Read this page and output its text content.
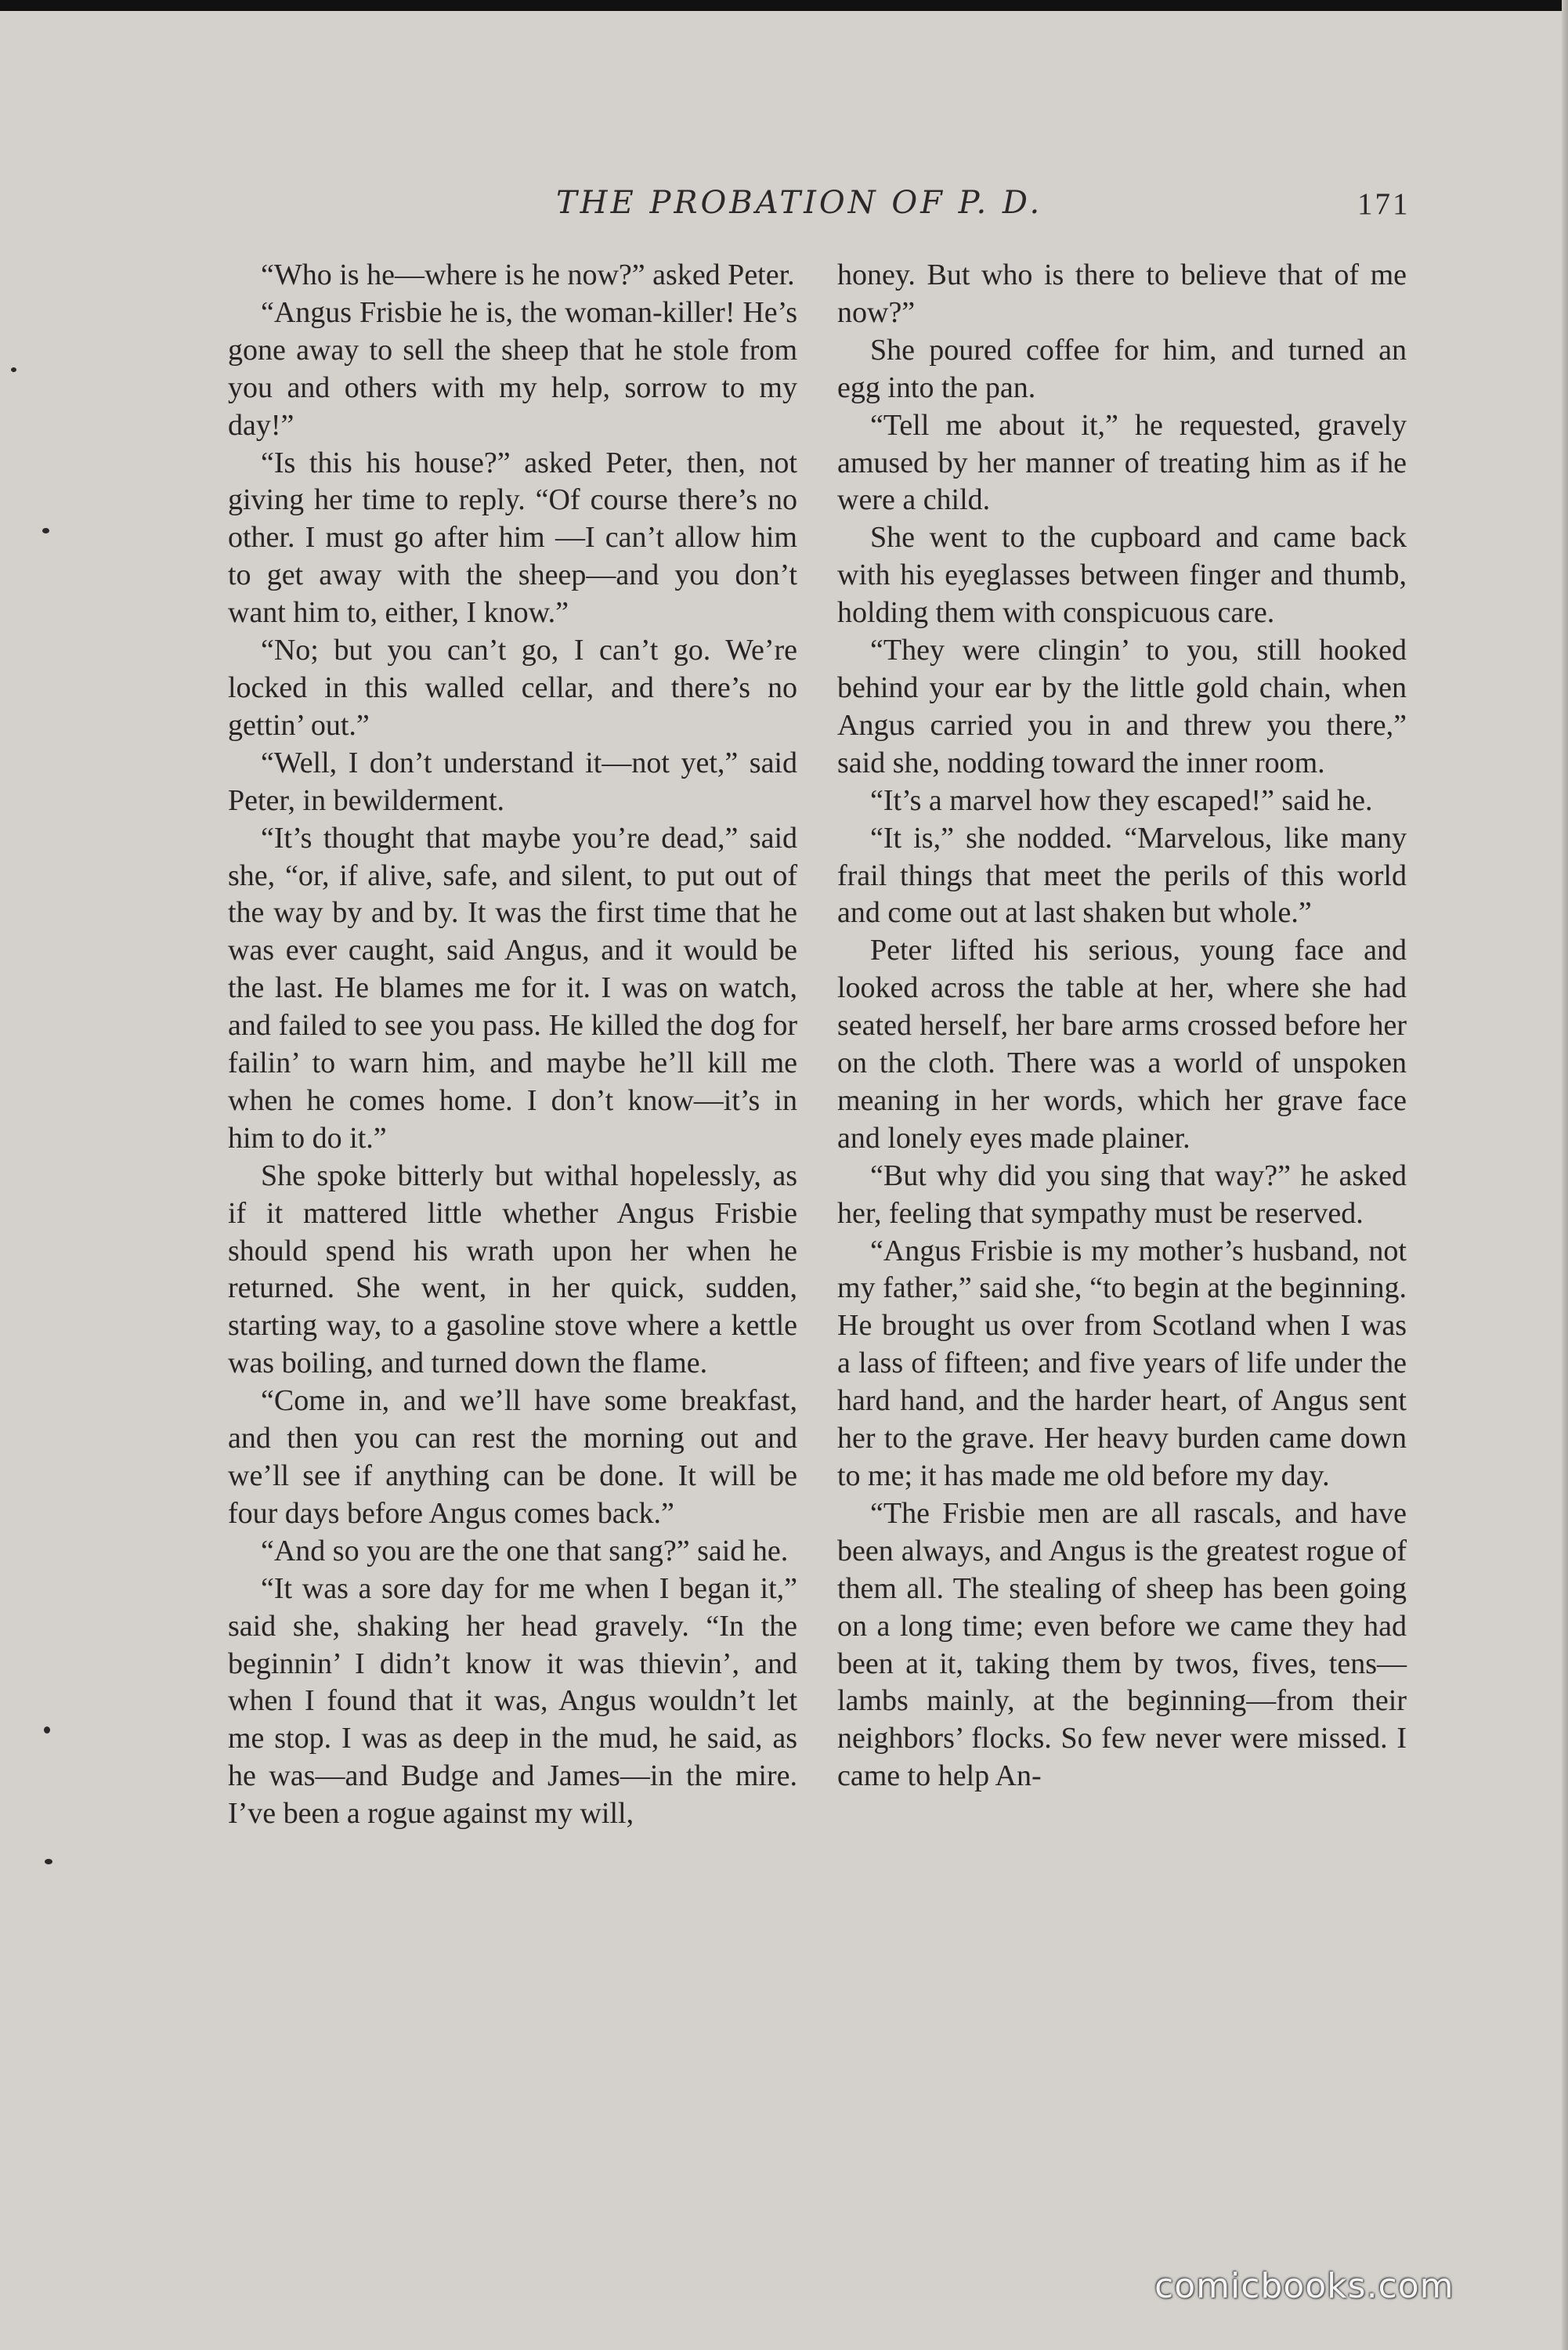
THE PROBATION OF P. D.	171

“Who is he—where is he now?” asked Peter.

“Angus Frisbie he is, the woman-killer! He’s gone away to sell the sheep that he stole from you and others with my help, sorrow to my day!”

“Is this his house?” asked Peter, then, not giving her time to reply. “Of course there’s no other. I must go after him —I can’t allow him to get away with the sheep—and you don’t want him to, either, I know.”

“No; but you can’t go, I can’t go. We’re locked in this walled cellar, and there’s no gettin’ out.”

“Well, I don’t understand it—not yet,” said Peter, in bewilderment.

“It’s thought that maybe you’re dead,” said she, “or, if alive, safe, and silent, to put out of the way by and by. It was the first time that he was ever caught, said Angus, and it would be the last. He blames me for it. I was on watch, and failed to see you pass. He killed the dog for failin’ to warn him, and maybe he’ll kill me when he comes home. I don’t know—it’s in him to do it.”

She spoke bitterly but withal hopelessly, as if it mattered little whether Angus Frisbie should spend his wrath upon her when he returned. She went, in her quick, sudden, starting way, to a gasoline stove where a kettle was boiling, and turned down the flame.

“Come in, and we’ll have some breakfast, and then you can rest the morning out and we’ll see if anything can be done. It will be four days before Angus comes back.”

“And so you are the one that sang?” said he.

“It was a sore day for me when I began it,” said she, shaking her head gravely. “In the beginnin’ I didn’t know it was thievin’, and when I found that it was, Angus wouldn’t let me stop. I was as deep in the mud, he said, as he was—and Budge and James—in the mire. I’ve been a rogue against my will,

honey. But who is there to believe that of me now?”

She poured coffee for him, and turned an egg into the pan.

“Tell me about it,” he requested, gravely amused by her manner of treating him as if he were a child.

She went to the cupboard and came back with his eyeglasses between finger and thumb, holding them with conspicuous care.

“They were clingin’ to you, still hooked behind your ear by the little gold chain, when Angus carried you in and threw you there,” said she, nodding toward the inner room.

“It’s a marvel how they escaped!” said he.

“It is,” she nodded. “Marvelous, like many frail things that meet the perils of this world and come out at last shaken but whole.”

Peter lifted his serious, young face and looked across the table at her, where she had seated herself, her bare arms crossed before her on the cloth. There was a world of unspoken meaning in her words, which her grave face and lonely eyes made plainer.

“But why did you sing that way?” he asked her, feeling that sympathy must be reserved.

“Angus Frisbie is my mother’s husband, not my father,” said she, “to begin at the beginning. He brought us over from Scotland when I was a lass of fifteen; and five years of life under the hard hand, and the harder heart, of Angus sent her to the grave. Her heavy burden came down to me; it has made me old before my day.

“The Frisbie men are all rascals, and have been always, and Angus is the greatest rogue of them all. The stealing of sheep has been going on a long time; even before we came they had been at it, taking them by twos, fives, tens—lambs mainly, at the beginning—from their neighbors’ flocks. So few never were missed. I came to help An-

comicbooks.com
